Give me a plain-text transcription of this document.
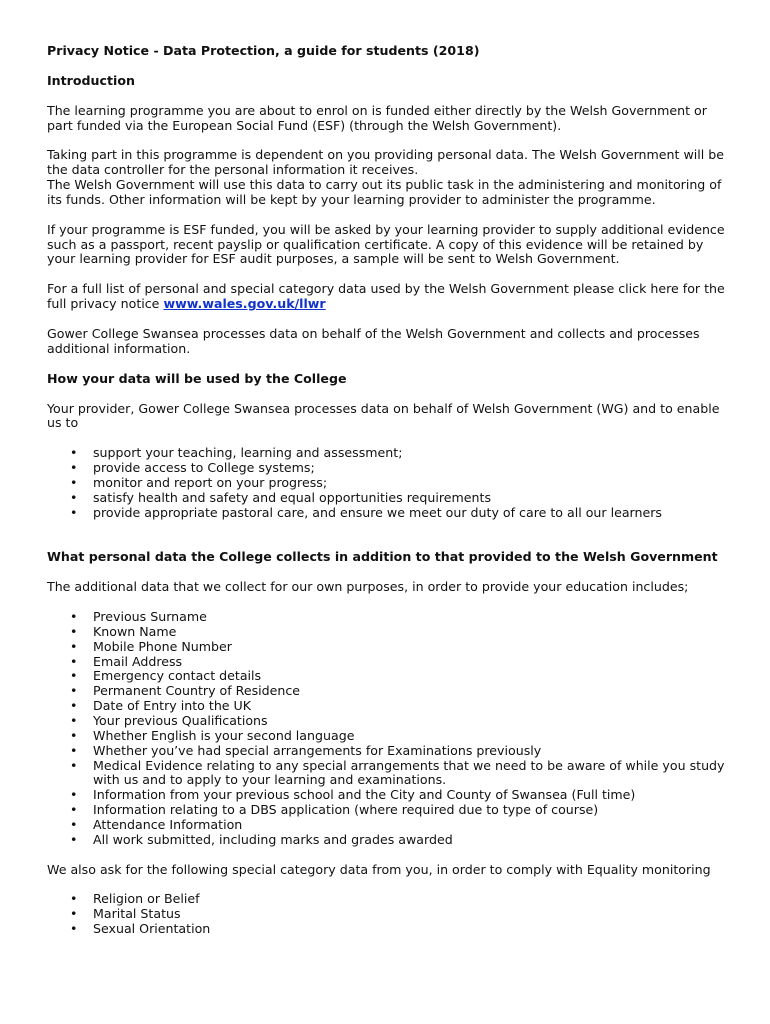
Privacy Notice - Data Protection, a guide for students (2018)

Introduction

The learning programme you are about to enrol on is funded either directly by the Welsh Government or part funded via the European Social Fund (ESF) (through the Welsh Government).

Taking part in this programme is dependent on you providing personal data. The Welsh Government will be the data controller for the personal information it receives.

The Welsh Government will use this data to carry out its public task in the administering and monitoring of its funds. Other information will be kept by your learning provider to administer the programme.

If your programme is ESF funded, you will be asked by your learning provider to supply additional evidence such as a passport, recent payslip or qualification certificate. A copy of this evidence will be retained by your learning provider for ESF audit purposes, a sample will be sent to Welsh Government.

For a full list of personal and special category data used by the Welsh Government please click here for the full privacy notice www.wales.gov.uk/llwr

Gower College Swansea processes data on behalf of the Welsh Government and collects and processes additional information.

How your data will be used by the College

Your provider, Gower College Swansea processes data on behalf of Welsh Government (WG) and to enable us to

• support your teaching, learning and assessment;
• provide access to College systems;
• monitor and report on your progress;
• satisfy health and safety and equal opportunities requirements
• provide appropriate pastoral care, and ensure we meet our duty of care to all our learners

What personal data the College collects in addition to that provided to the Welsh Government

The additional data that we collect for our own purposes, in order to provide your education includes;

• Previous Surname
• Known Name
• Mobile Phone Number
• Email Address
• Emergency contact details
• Permanent Country of Residence
• Date of Entry into the UK
• Your previous Qualifications
• Whether English is your second language
• Whether you’ve had special arrangements for Examinations previously
• Medical Evidence relating to any special arrangements that we need to be aware of while you study with us and to apply to your learning and examinations.
• Information from your previous school and the City and County of Swansea (Full time)
• Information relating to a DBS application (where required due to type of course)
• Attendance Information
• All work submitted, including marks and grades awarded

We also ask for the following special category data from you, in order to comply with Equality monitoring

• Religion or Belief
• Marital Status
• Sexual Orientation
